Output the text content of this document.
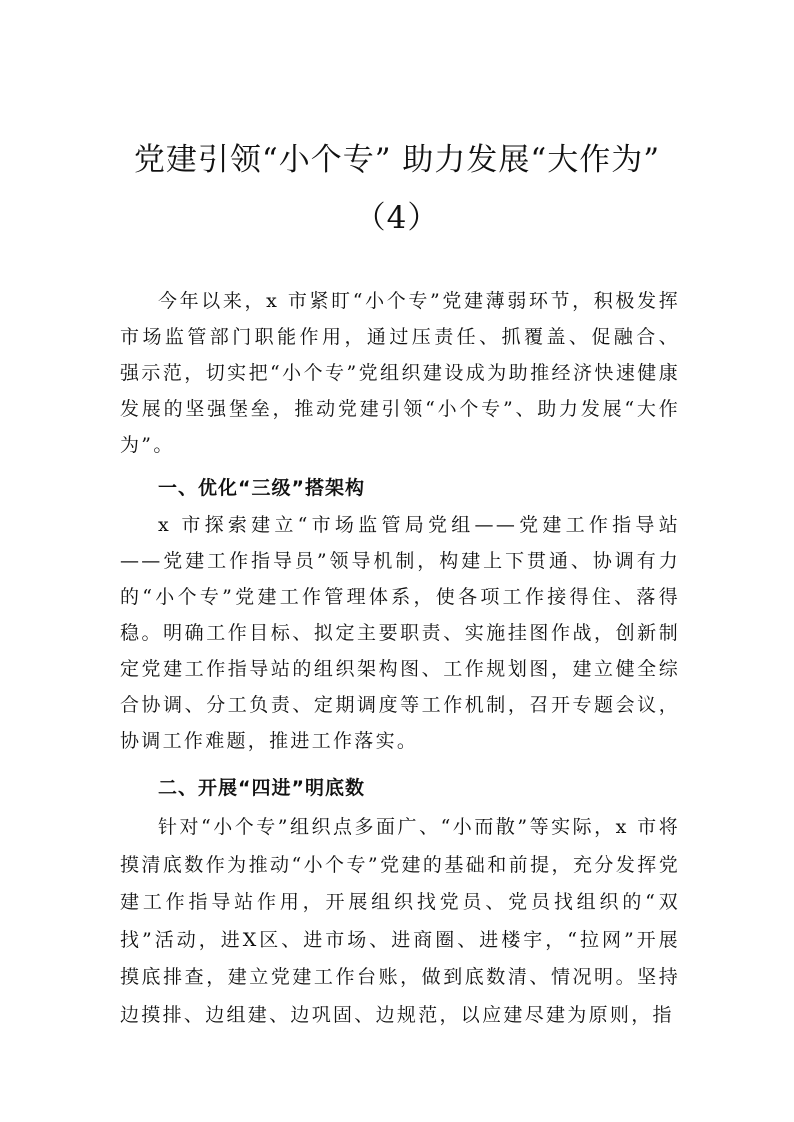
党建引领“小个专” 助力发展“大作为”
（4）

今年以来，x 市紧盯“小个专”党建薄弱环节，积极发挥市场监管部门职能作用，通过压责任、抓覆盖、促融合、 强示范，切实把“小个专”党组织建设成为助推经济快速健康发展的坚强堡垒，推动党建引领“小个专”、助力发展“大作为”。

一、优化“三级”搭架构

x 市探索建立“市场监管局党组——党建工作指导站——党建工作指导员”领导机制，构建上下贯通、协调有力的“小个专”党建工作管理体系，使各项工作接得住、落得稳。明确工作目标、拟定主要职责、实施挂图作战，创新制定党建工作指导站的组织架构图、工作规划图，建立健全综合协调、分工负责、定期调度等工作机制，召开专题会议，协调工作难题，推进工作落实。

二、开展“四进”明底数

针对“小个专”组织点多面广、“小而散”等实际，x 市将摸清底数作为推动“小个专”党建的基础和前提，充分发挥党建工作指导站作用，开展组织找党员、党员找组织的“双找”活动，进X区、进市场、进商圈、进楼宇，“拉网”开展摸底排查，建立党建工作台账，做到底数清、情况明。坚持边摸排、边组建、边巩固、边规范，以应建尽建为原则，指
